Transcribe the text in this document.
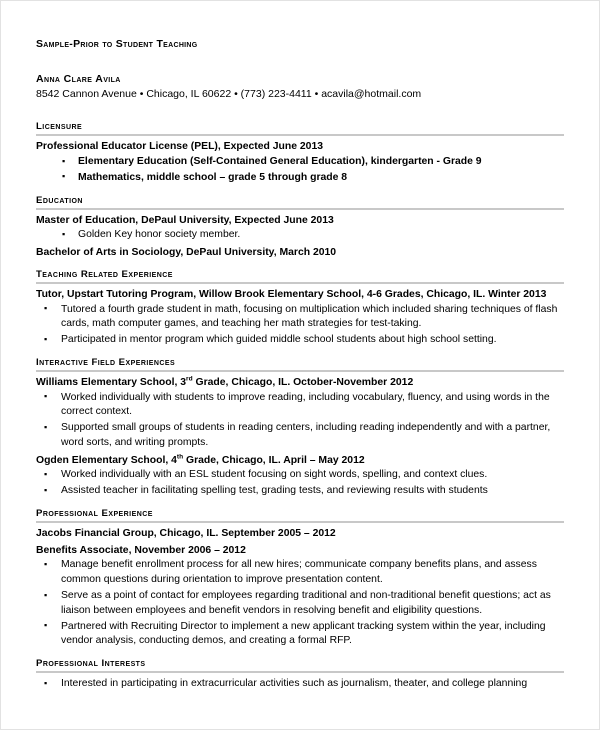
Sample-Prior to Student Teaching
Anna Clare Avila
8542 Cannon Avenue • Chicago, IL 60622 • (773) 223-4411 • acavila@hotmail.com
Licensure
Professional Educator License (PEL), Expected June 2013
▪ Elementary Education (Self-Contained General Education), kindergarten - Grade 9
▪ Mathematics, middle school – grade 5 through grade 8
Education
Master of Education, DePaul University, Expected June 2013
▪ Golden Key honor society member.
Bachelor of Arts in Sociology, DePaul University, March 2010
Teaching Related Experience
Tutor, Upstart Tutoring Program, Willow Brook Elementary School, 4-6 Grades, Chicago, IL. Winter 2013
▪ Tutored a fourth grade student in math, focusing on multiplication which included sharing techniques of flash cards, math computer games, and teaching her math strategies for test-taking.
▪ Participated in mentor program which guided middle school students about high school setting.
Interactive Field Experiences
Williams Elementary School, 3rd Grade, Chicago, IL. October-November 2012
▪ Worked individually with students to improve reading, including vocabulary, fluency, and using words in the correct context.
▪ Supported small groups of students in reading centers, including reading independently and with a partner, word sorts, and writing prompts.
Ogden Elementary School, 4th Grade, Chicago, IL. April – May 2012
▪ Worked individually with an ESL student focusing on sight words, spelling, and context clues.
▪ Assisted teacher in facilitating spelling test, grading tests, and reviewing results with students
Professional Experience
Jacobs Financial Group, Chicago, IL. September 2005 – 2012
Benefits Associate, November 2006 – 2012
▪ Manage benefit enrollment process for all new hires; communicate company benefits plans, and assess common questions during orientation to improve presentation content.
▪ Serve as a point of contact for employees regarding traditional and non-traditional benefit questions; act as liaison between employees and benefit vendors in resolving benefit and eligibility questions.
▪ Partnered with Recruiting Director to implement a new applicant tracking system within the year, including vendor analysis, conducting demos, and creating a formal RFP.
Professional Interests
▪ Interested in participating in extracurricular activities such as journalism, theater, and college planning
